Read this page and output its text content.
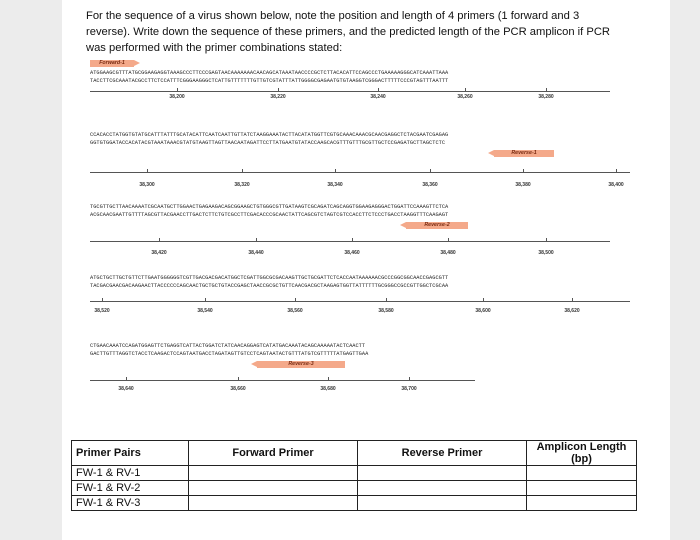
For the sequence of a virus shown below, note the position and length of 4 primers (1 forward and 3 reverse). Write down the sequence of these primers, and the predicted length of the PCR amplicon if PCR was performed with the primer combinations stated:
Forward-1
ATGGAAGCGTTTATGCGGAAGAGGTAAAGCCCTTCCCGAGTAACAAAAAAACAACAGCATAAATAACCCCGCTCTTACACATTCCAGCCCTGAAAAAGGGCATCAAATTAAA
TACCTTCGCAAATACGCCTTCTCCATTTCGGGAAGGGCTCATTGTTTTTTTGTTGTCGTATTTATTGGGGCGAGAATGTGTAAGGTCGGGACTTTTTCCCGTAGTTTAATTT
38,200	38,220	38,240	38,260	38,280
CCACACCTATGGTGTATGCATTTATTTGCATACATTCAATCAATTGTTATCTAAGGAAATACTTACATATGGTTCGTGCAAACAAACGCAACGAGGCTCTACGAATCGAGAG
GGTGTGGATACCACATACGTAAATAAACGTATGTAAGTTAGTTAACAATAGATTCCTTATGAATGTATACCAAGCACGTTTGTTTGCGTTGCTCCGAGATGCTTAGCTCTC
Reverse-1
38,300	38,320	38,340	38,360	38,380	38,400
TGCGTTGCTTAACAAAATCGCAATGCTTGGAACTGAGAAGACAGCGGAAGCTGTGGGCGTTGATAAGTCGCAGATCAGCAGGTGGAAGAGGGACTGGATTCCAAAGTTCTCA
ACGCAACGAATTGTTTTAGCGTTACGAACCTTGACTCTTCTGTCGCCTTCGACACCCGCAACTATTCAGCGTCTAGTCGTCCACCTTCTCCCTGACCTAAGGTTTCAAGAGT
Reverse-2
38,420	38,440	38,460	38,480	38,500
ATGCTGCTTGCTGTTCTTGAATGGGGGGTCGTTGACGACGACATGGCTCGATTGGCGCGACAAGTTGCTGCGATTCTCACCAATAAAAAACGCCCGGCGGCAACCGAGCGTT
TACGACGAACGACAAGAACTTACCCCCCAGCAACTGCTGCTGTACCGAGCTAACCGCGCTGTTCAACGACGCTAAGAGTGGTTATTTTTTGCGGGCCGCCGTTGGCTCGCAA
38,520	38,540	38,560	38,580	38,600	38,620
CTGAACAAATCCAGATGGAGTTCTGAGGTCATTACTGGATCTATCAACAGGAGTCATATGACAAATACAGCAAAAATACTCAACTT
GACTTGTTTAGGTCTACCTCAAGACTCCAGTAATGACCTAGATAGTTGTCCTCAGTAATACTGTTTATGTCGTTTTTATGAGTTGAA
Reverse-3
38,640	38,660	38,680	38,700
Primer Pairs	Forward Primer	Reverse Primer	Amplicon Length (bp)
FW-1 & RV-1			
FW-1 & RV-2			
FW-1 & RV-3			
